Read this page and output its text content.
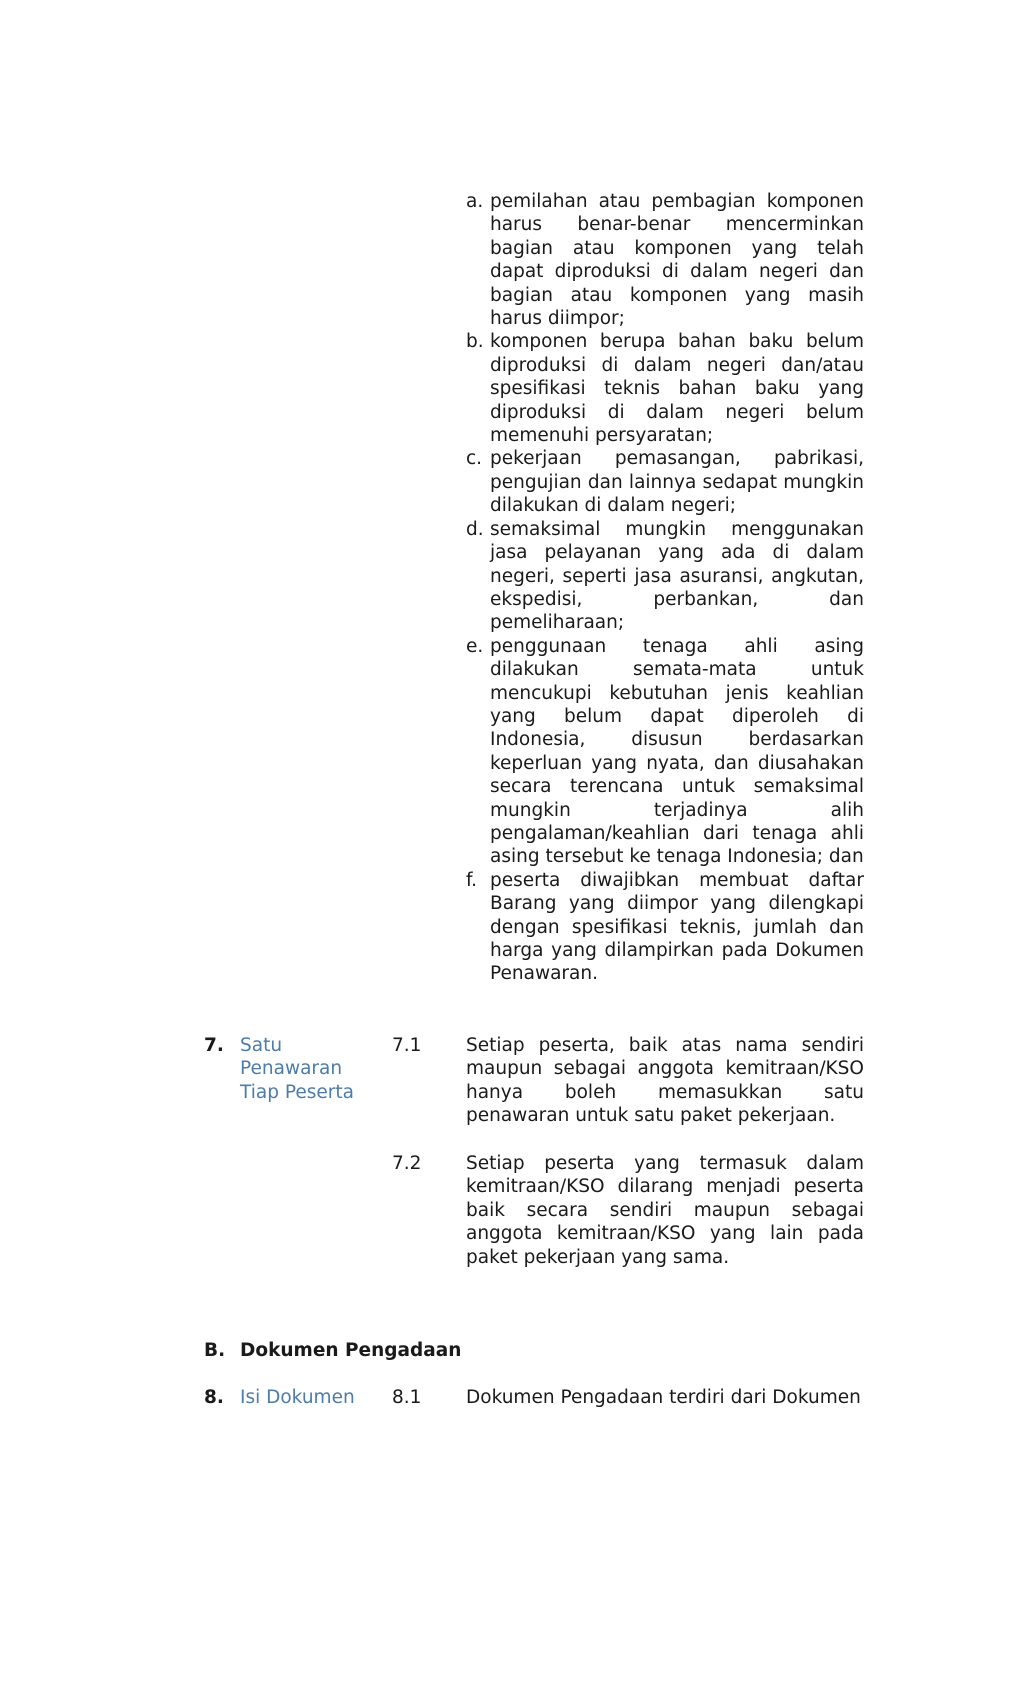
a. pemilahan atau pembagian komponen harus benar-benar mencerminkan bagian atau komponen yang telah dapat diproduksi di dalam negeri dan bagian atau komponen yang masih harus diimpor;
b. komponen berupa bahan baku belum diproduksi di dalam negeri dan/atau spesifikasi teknis bahan baku yang diproduksi di dalam negeri belum memenuhi persyaratan;
c. pekerjaan pemasangan, pabrikasi, pengujian dan lainnya sedapat mungkin dilakukan di dalam negeri;
d. semaksimal mungkin menggunakan jasa pelayanan yang ada di dalam negeri, seperti jasa asuransi, angkutan, ekspedisi, perbankan, dan pemeliharaan;
e. penggunaan tenaga ahli asing dilakukan semata-mata untuk mencukupi kebutuhan jenis keahlian yang belum dapat diperoleh di Indonesia, disusun berdasarkan keperluan yang nyata, dan diusahakan secara terencana untuk semaksimal mungkin terjadinya alih pengalaman/keahlian dari tenaga ahli asing tersebut ke tenaga Indonesia; dan
f. peserta diwajibkan membuat daftar Barang yang diimpor yang dilengkapi dengan spesifikasi teknis, jumlah dan harga yang dilampirkan pada Dokumen Penawaran.
7. Satu
Penawaran
Tiap Peserta
7.1 Setiap peserta, baik atas nama sendiri maupun sebagai anggota kemitraan/KSO hanya boleh memasukkan satu penawaran untuk satu paket pekerjaan.
7.2 Setiap peserta yang termasuk dalam kemitraan/KSO dilarang menjadi peserta baik secara sendiri maupun sebagai anggota kemitraan/KSO yang lain pada paket pekerjaan yang sama.
B. Dokumen Pengadaan
8. Isi Dokumen	8.1 Dokumen Pengadaan terdiri dari Dokumen
